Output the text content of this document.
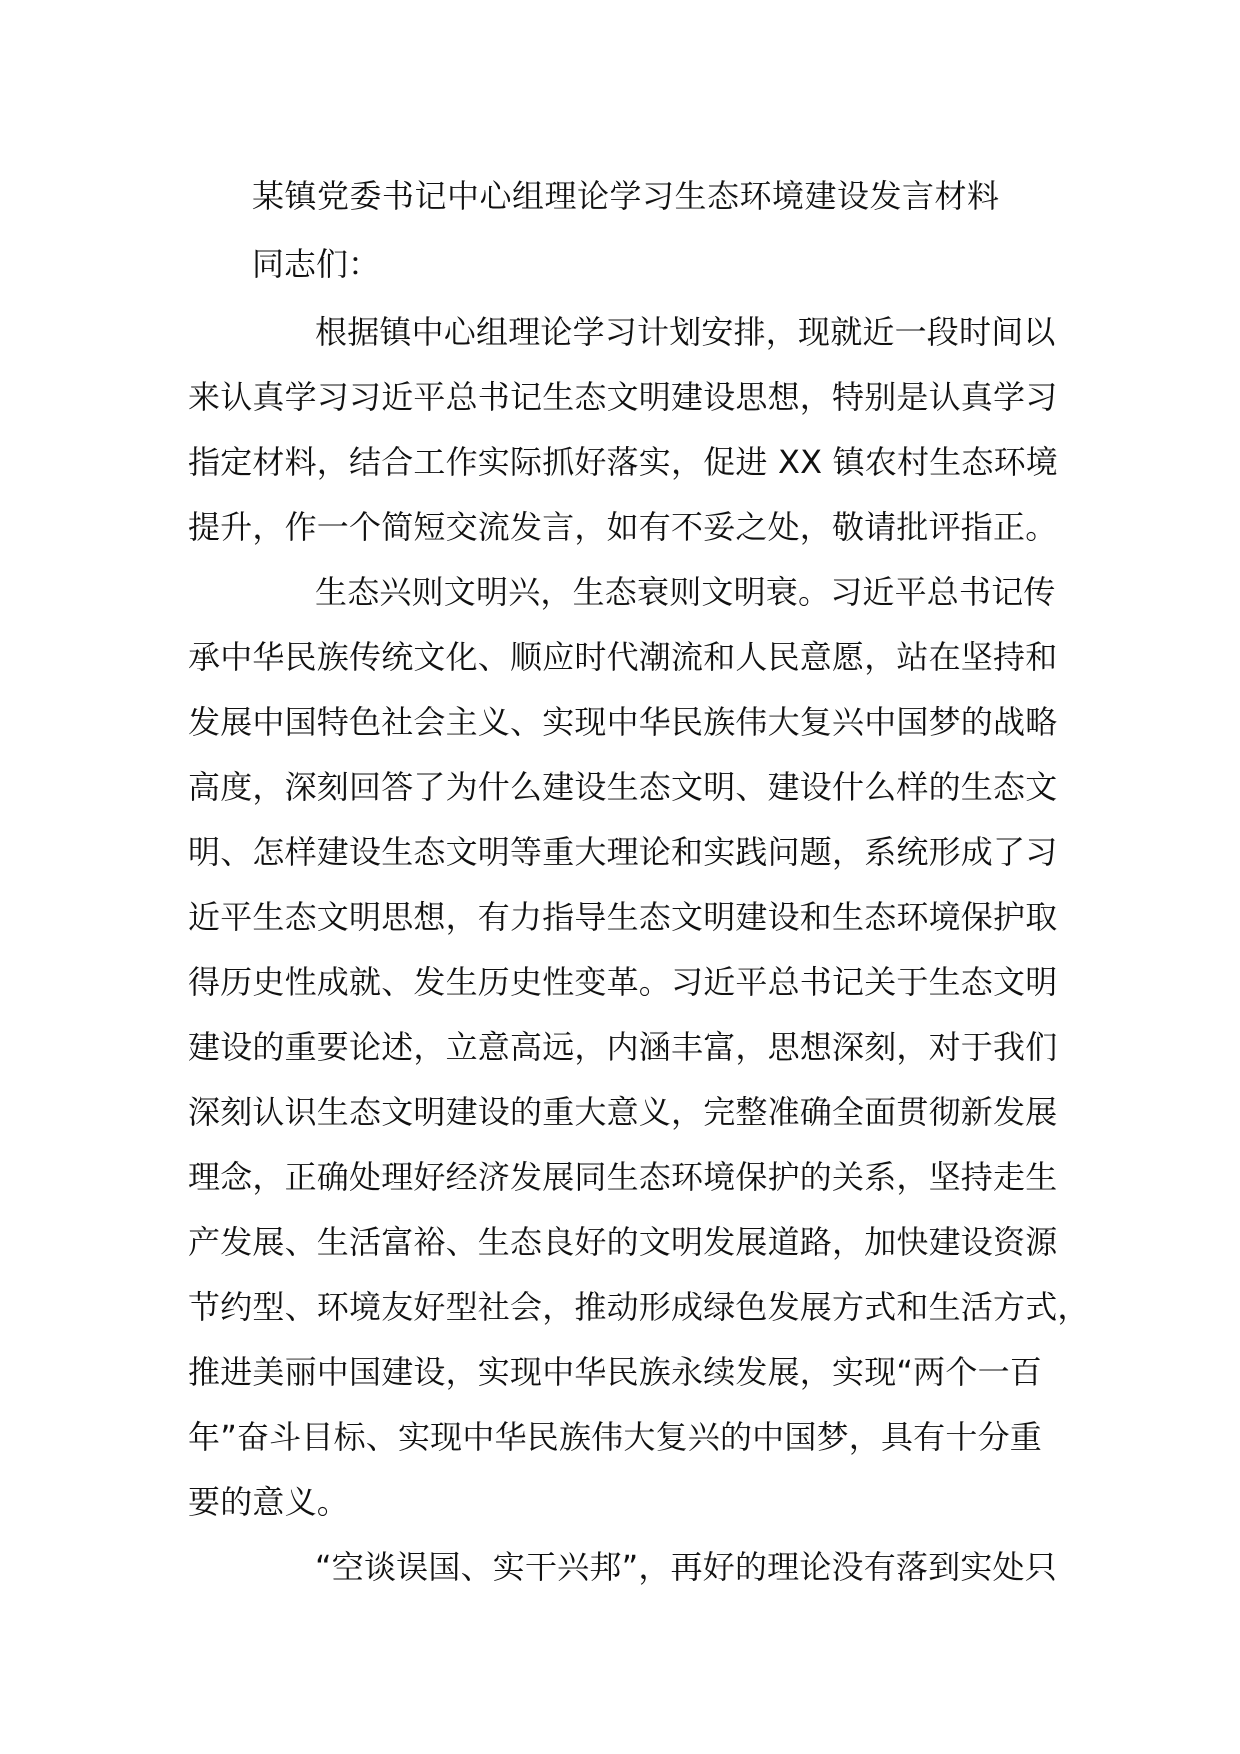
某镇党委书记中心组理论学习生态环境建设发言材料
同志们：
根据镇中心组理论学习计划安排，现就近一段时间以
来认真学习习近平总书记生态文明建设思想，特别是认真学习
指定材料，结合工作实际抓好落实，促进 XX 镇农村生态环境
提升，作一个简短交流发言，如有不妥之处，敬请批评指正。
生态兴则文明兴，生态衰则文明衰。习近平总书记传
承中华民族传统文化、顺应时代潮流和人民意愿，站在坚持和
发展中国特色社会主义、实现中华民族伟大复兴中国梦的战略
高度，深刻回答了为什么建设生态文明、建设什么样的生态文
明、怎样建设生态文明等重大理论和实践问题，系统形成了习
近平生态文明思想，有力指导生态文明建设和生态环境保护取
得历史性成就、发生历史性变革。习近平总书记关于生态文明
建设的重要论述，立意高远，内涵丰富，思想深刻，对于我们
深刻认识生态文明建设的重大意义，完整准确全面贯彻新发展
理念，正确处理好经济发展同生态环境保护的关系，坚持走生
产发展、生活富裕、生态良好的文明发展道路，加快建设资源
节约型、环境友好型社会，推动形成绿色发展方式和生活方式，
推进美丽中国建设，实现中华民族永续发展，实现“两个一百
年”奋斗目标、实现中华民族伟大复兴的中国梦，具有十分重
要的意义。
“空谈误国、实干兴邦”，再好的理论没有落到实处只
